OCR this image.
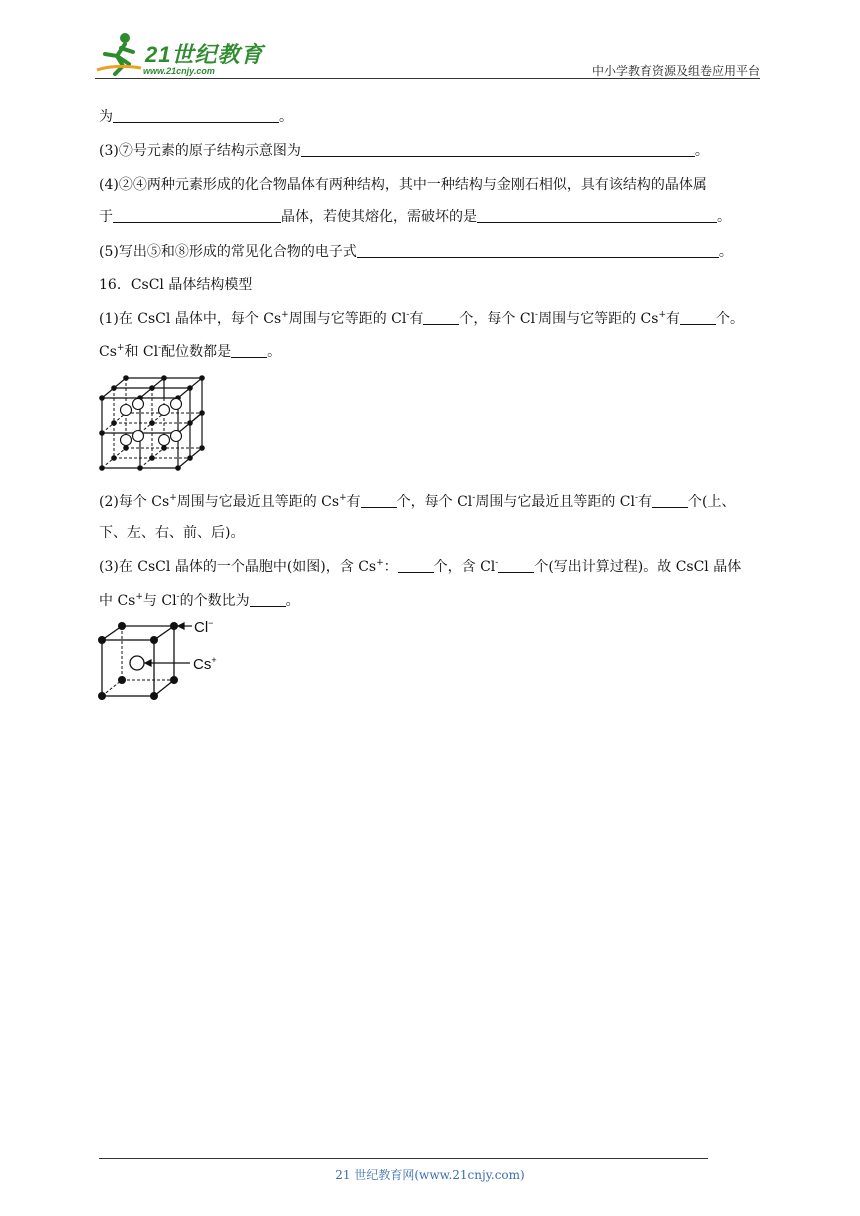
21世纪教育
www.21cnjy.com	中小学教育资源及组卷应用平台
为	。
(3)⑦号元素的原子结构示意图为	。
(4)②④两种元素形成的化合物晶体有两种结构，其中一种结构与金刚石相似，具有该结构的晶体属
于	晶体，若使其熔化，需破坏的是	。
(5)写出⑤和⑧形成的常见化合物的电子式	。
16．CsCl 晶体结构模型
(1)在 CsCl 晶体中，每个 Cs+周围与它等距的 Cl-有	个，每个 Cl-周围与它等距的 Cs+有	个。
Cs+和 Cl-配位数都是	。
(2)每个 Cs+周围与它最近且等距的 Cs+有	个，每个 Cl-周围与它最近且等距的 Cl-有	个(上、
下、左、右、前、后)。
(3)在 CsCl 晶体的一个晶胞中(如图)，含 Cs+：	个，含 Cl-	个(写出计算过程)。故 CsCl 晶体
中 Cs+与 Cl-的个数比为	。
Cl−
Cs+
21 世纪教育网(www.21cnjy.com)
